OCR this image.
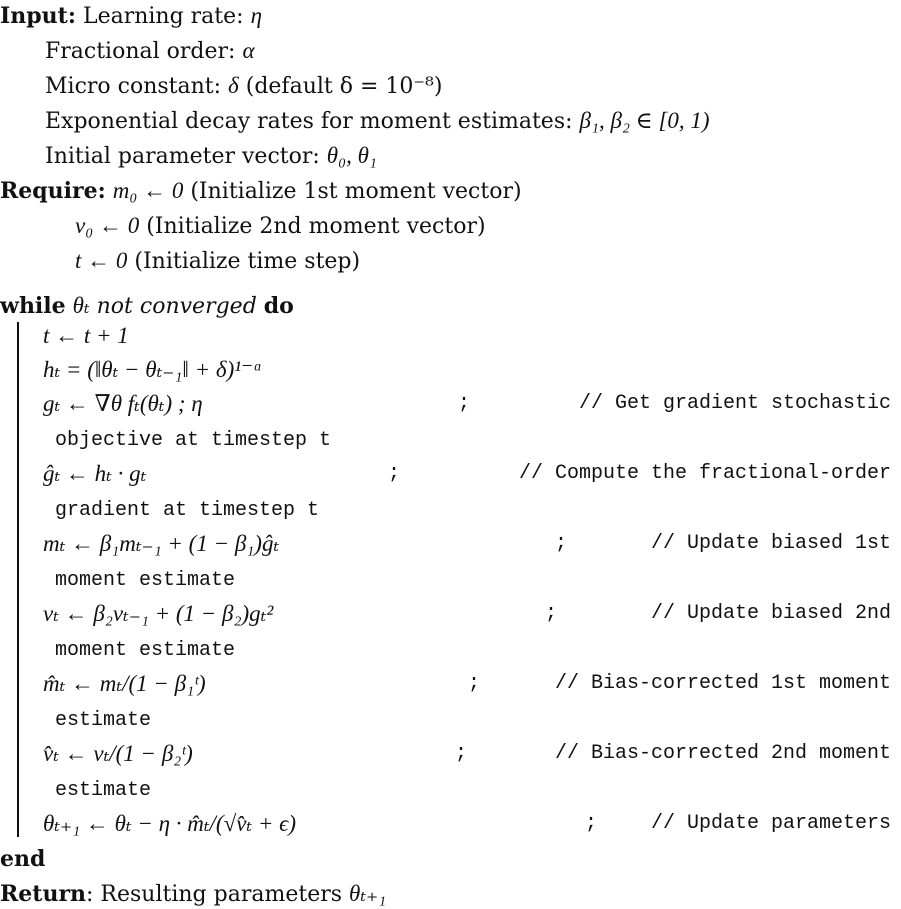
Input: Learning rate: η
Fractional order: α
Micro constant: δ (default δ = 10⁻⁸)
Exponential decay rates for moment estimates: β₁, β₂ ∈ [0, 1)
Initial parameter vector: θ₀, θ₁
Require: m₀ ← 0 (Initialize 1st moment vector)
v₀ ← 0 (Initialize 2nd moment vector)
t ← 0 (Initialize time step)
while θₜ not converged do
t ← t + 1
hₜ = (‖θₜ − θₜ₋₁‖ + δ)¹⁻ᵅ
gₜ ← ∇θ fₜ(θₜ) ; η	;	// Get gradient stochastic
objective at timestep t
ĝₜ ← hₜ · gₜ	;	// Compute the fractional-order
gradient at timestep t
mₜ ← β₁mₜ₋₁ + (1 − β₁)ĝₜ	;	// Update biased 1st
moment estimate
vₜ ← β₂vₜ₋₁ + (1 − β₂)gₜ²	;	// Update biased 2nd
moment estimate
m̂ₜ ← mₜ/(1 − β₁ᵗ)	;	// Bias-corrected 1st moment
estimate
v̂ₜ ← vₜ/(1 − β₂ᵗ)	;	// Bias-corrected 2nd moment
estimate
θₜ₊₁ ← θₜ − η · m̂ₜ/(√v̂ₜ + ϵ)	;	// Update parameters
end
Return: Resulting parameters θₜ₊₁
